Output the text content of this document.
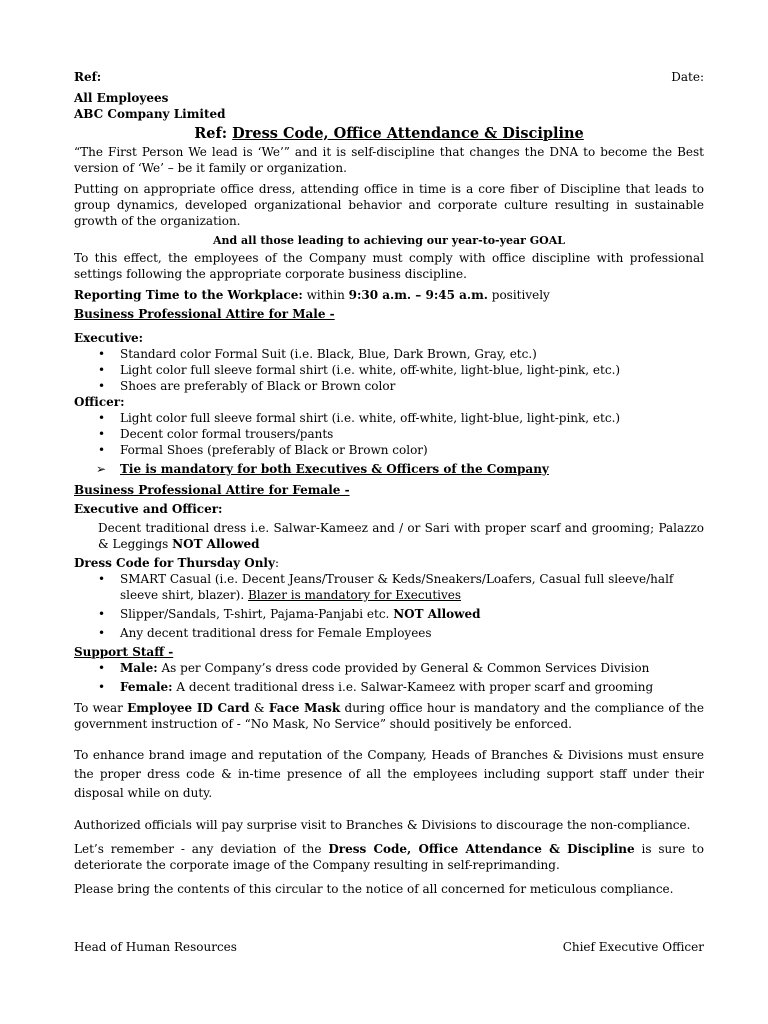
Ref:	Date:

All Employees

ABC Company Limited

Ref: Dress Code, Office Attendance & Discipline

“The First Person We lead is ‘We’” and it is self-discipline that changes the DNA to become the Best version of ‘We’ – be it family or organization.

Putting on appropriate office dress, attending office in time is a core fiber of Discipline that leads to group dynamics, developed organizational behavior and corporate culture resulting in sustainable growth of the organization.

And all those leading to achieving our year-to-year GOAL

To this effect, the employees of the Company must comply with office discipline with professional settings following the appropriate corporate business discipline.

Reporting Time to the Workplace: within 9:30 a.m. – 9:45 a.m. positively

Business Professional Attire for Male -

Executive:

• Standard color Formal Suit (i.e. Black, Blue, Dark Brown, Gray, etc.)
• Light color full sleeve formal shirt (i.e. white, off-white, light-blue, light-pink, etc.)
• Shoes are preferably of Black or Brown color

Officer:

• Light color full sleeve formal shirt (i.e. white, off-white, light-blue, light-pink, etc.)
• Decent color formal trousers/pants
• Formal Shoes (preferably of Black or Brown color)

➢ Tie is mandatory for both Executives & Officers of the Company

Business Professional Attire for Female -

Executive and Officer:

Decent traditional dress i.e. Salwar-Kameez and / or Sari with proper scarf and grooming; Palazzo & Leggings NOT Allowed

Dress Code for Thursday Only:

• SMART Casual (i.e. Decent Jeans/Trouser & Keds/Sneakers/Loafers, Casual full sleeve/half sleeve shirt, blazer). Blazer is mandatory for Executives
• Slipper/Sandals, T-shirt, Pajama-Panjabi etc. NOT Allowed
• Any decent traditional dress for Female Employees

Support Staff -

• Male: As per Company’s dress code provided by General & Common Services Division
• Female: A decent traditional dress i.e. Salwar-Kameez with proper scarf and grooming

To wear Employee ID Card & Face Mask during office hour is mandatory and the compliance of the government instruction of - “No Mask, No Service” should positively be enforced.

To enhance brand image and reputation of the Company, Heads of Branches & Divisions must ensure the proper dress code & in-time presence of all the employees including support staff under their disposal while on duty.

Authorized officials will pay surprise visit to Branches & Divisions to discourage the non-compliance.

Let’s remember - any deviation of the Dress Code, Office Attendance & Discipline is sure to deteriorate the corporate image of the Company resulting in self-reprimanding.

Please bring the contents of this circular to the notice of all concerned for meticulous compliance.

Head of Human Resources	Chief Executive Officer
